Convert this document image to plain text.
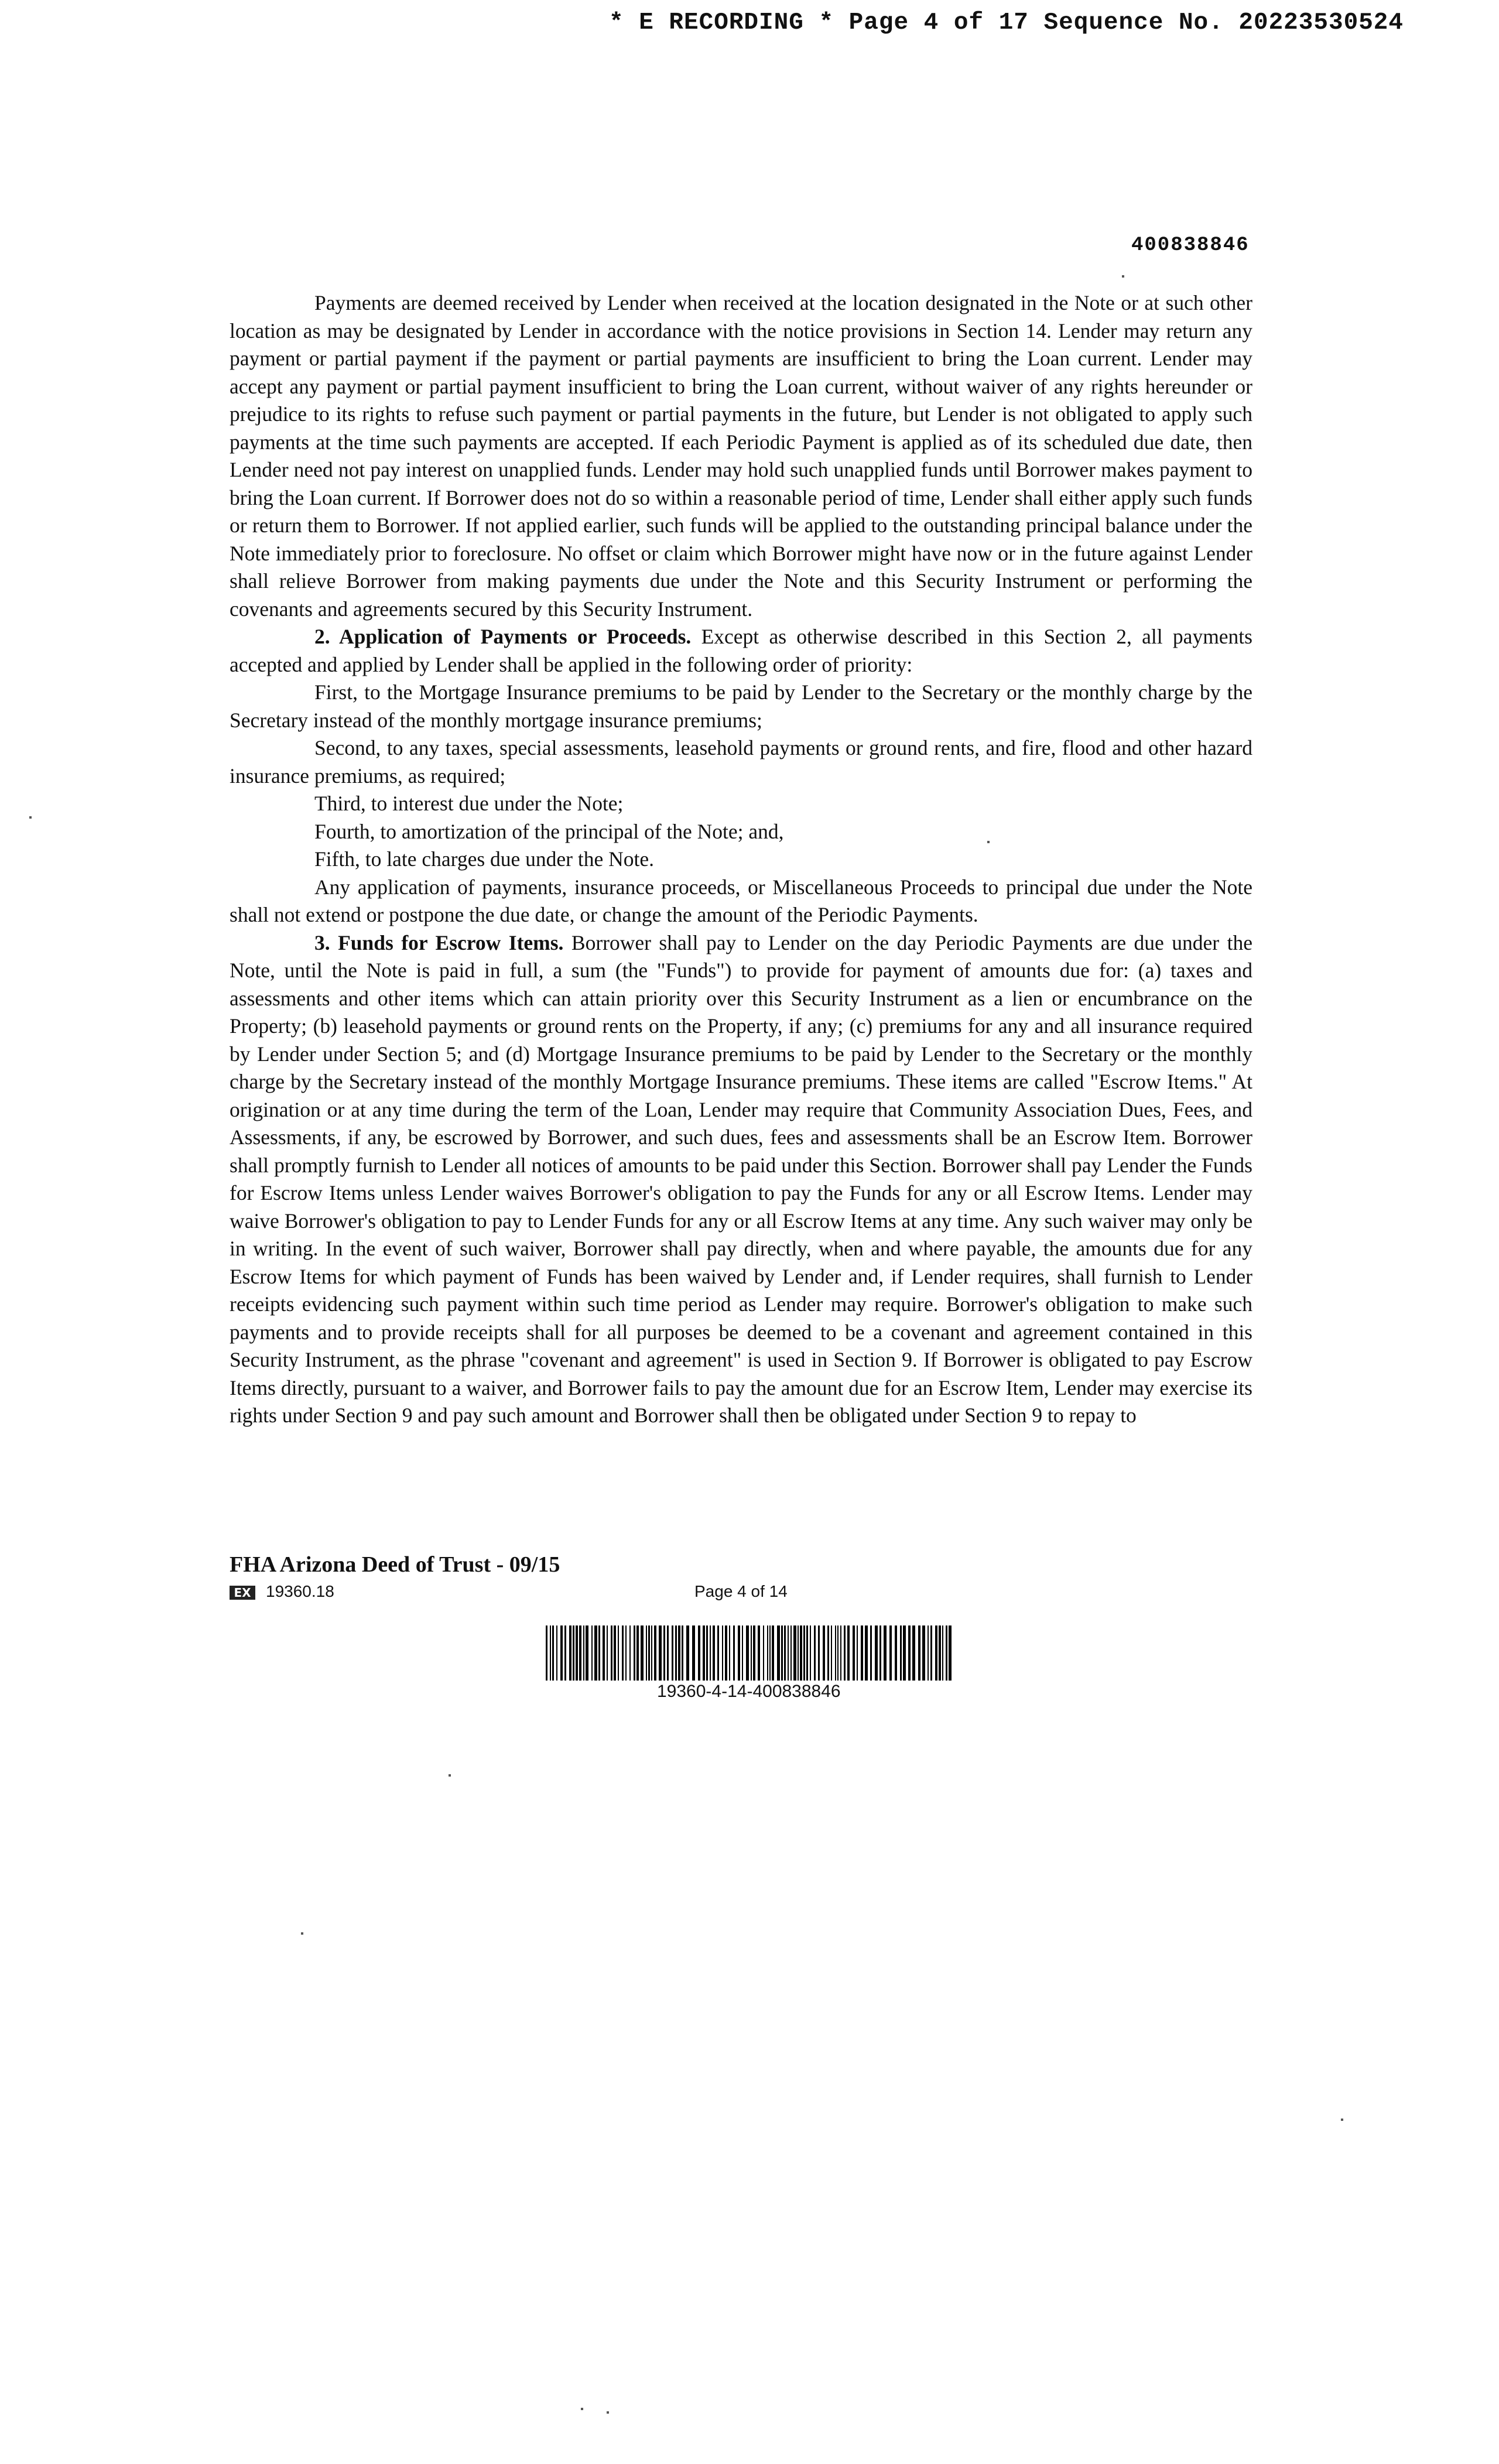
* E RECORDING * Page 4 of 17 Sequence No. 20223530524
400838846

Payments are deemed received by Lender when received at the location designated in the Note or at such other location as may be designated by Lender in accordance with the notice provisions in Section 14. Lender may return any payment or partial payment if the payment or partial payments are insufficient to bring the Loan current. Lender may accept any payment or partial payment insufficient to bring the Loan current, without waiver of any rights hereunder or prejudice to its rights to refuse such payment or partial payments in the future, but Lender is not obligated to apply such payments at the time such payments are accepted. If each Periodic Payment is applied as of its scheduled due date, then Lender need not pay interest on unapplied funds. Lender may hold such unapplied funds until Borrower makes payment to bring the Loan current. If Borrower does not do so within a reasonable period of time, Lender shall either apply such funds or return them to Borrower. If not applied earlier, such funds will be applied to the outstanding principal balance under the Note immediately prior to foreclosure. No offset or claim which Borrower might have now or in the future against Lender shall relieve Borrower from making payments due under the Note and this Security Instrument or performing the covenants and agreements secured by this Security Instrument.

2. Application of Payments or Proceeds. Except as otherwise described in this Section 2, all payments accepted and applied by Lender shall be applied in the following order of priority:

First, to the Mortgage Insurance premiums to be paid by Lender to the Secretary or the monthly charge by the Secretary instead of the monthly mortgage insurance premiums;

Second, to any taxes, special assessments, leasehold payments or ground rents, and fire, flood and other hazard insurance premiums, as required;

Third, to interest due under the Note;

Fourth, to amortization of the principal of the Note; and,

Fifth, to late charges due under the Note.

Any application of payments, insurance proceeds, or Miscellaneous Proceeds to principal due under the Note shall not extend or postpone the due date, or change the amount of the Periodic Payments.

3. Funds for Escrow Items. Borrower shall pay to Lender on the day Periodic Payments are due under the Note, until the Note is paid in full, a sum (the "Funds") to provide for payment of amounts due for: (a) taxes and assessments and other items which can attain priority over this Security Instrument as a lien or encumbrance on the Property; (b) leasehold payments or ground rents on the Property, if any; (c) premiums for any and all insurance required by Lender under Section 5; and (d) Mortgage Insurance premiums to be paid by Lender to the Secretary or the monthly charge by the Secretary instead of the monthly Mortgage Insurance premiums. These items are called "Escrow Items." At origination or at any time during the term of the Loan, Lender may require that Community Association Dues, Fees, and Assessments, if any, be escrowed by Borrower, and such dues, fees and assessments shall be an Escrow Item. Borrower shall promptly furnish to Lender all notices of amounts to be paid under this Section. Borrower shall pay Lender the Funds for Escrow Items unless Lender waives Borrower's obligation to pay the Funds for any or all Escrow Items. Lender may waive Borrower's obligation to pay to Lender Funds for any or all Escrow Items at any time. Any such waiver may only be in writing. In the event of such waiver, Borrower shall pay directly, when and where payable, the amounts due for any Escrow Items for which payment of Funds has been waived by Lender and, if Lender requires, shall furnish to Lender receipts evidencing such payment within such time period as Lender may require. Borrower's obligation to make such payments and to provide receipts shall for all purposes be deemed to be a covenant and agreement contained in this Security Instrument, as the phrase "covenant and agreement" is used in Section 9. If Borrower is obligated to pay Escrow Items directly, pursuant to a waiver, and Borrower fails to pay the amount due for an Escrow Item, Lender may exercise its rights under Section 9 and pay such amount and Borrower shall then be obligated under Section 9 to repay to

FHA Arizona Deed of Trust - 09/15
EX 19360.18	Page 4 of 14
19360-4-14-400838846
